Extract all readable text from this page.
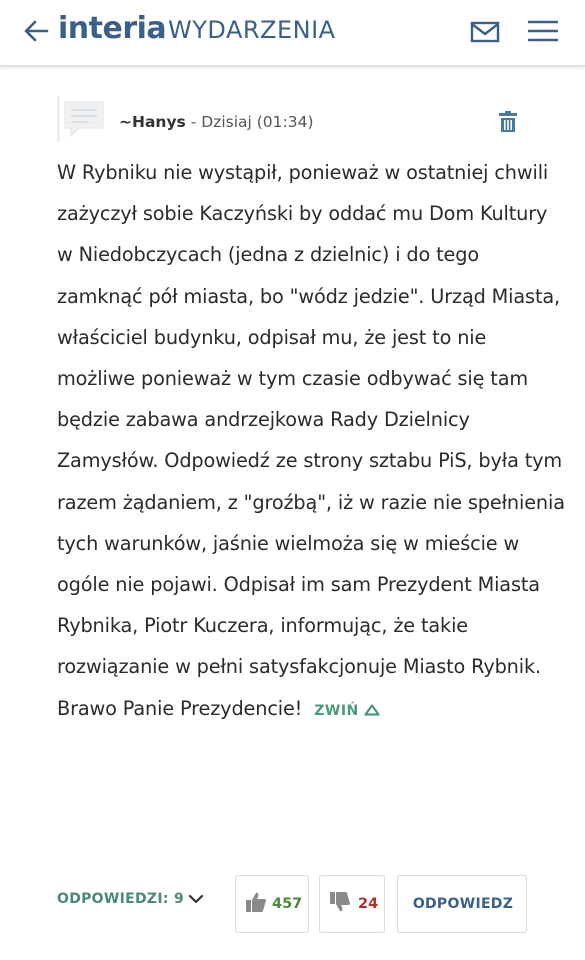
interia WYDARZENIA
~Hanys - Dzisiaj (01:34)
W Rybniku nie wystąpił, ponieważ w ostatniej chwili zażyczył sobie Kaczyński by oddać mu Dom Kultury w Niedobczycach (jedna z dzielnic) i do tego zamknąć pół miasta, bo "wódz jedzie". Urząd Miasta, właściciel budynku, odpisał mu, że jest to nie możliwe ponieważ w tym czasie odbywać się tam będzie zabawa andrzejkowa Rady Dzielnicy Zamysłów. Odpowiedź ze strony sztabu PiS, była tym razem żądaniem, z "groźbą", iż w razie nie spełnienia tych warunków, jaśnie wielmoża się w mieście w ogóle nie pojawi. Odpisał im sam Prezydent Miasta Rybnika, Piotr Kuczera, informując, że takie rozwiązanie w pełni satysfakcjonuje Miasto Rybnik. Brawo Panie Prezydencie! ZWIŃ
ODPOWIEDZI: 9	457	24	ODPOWIEDZ
